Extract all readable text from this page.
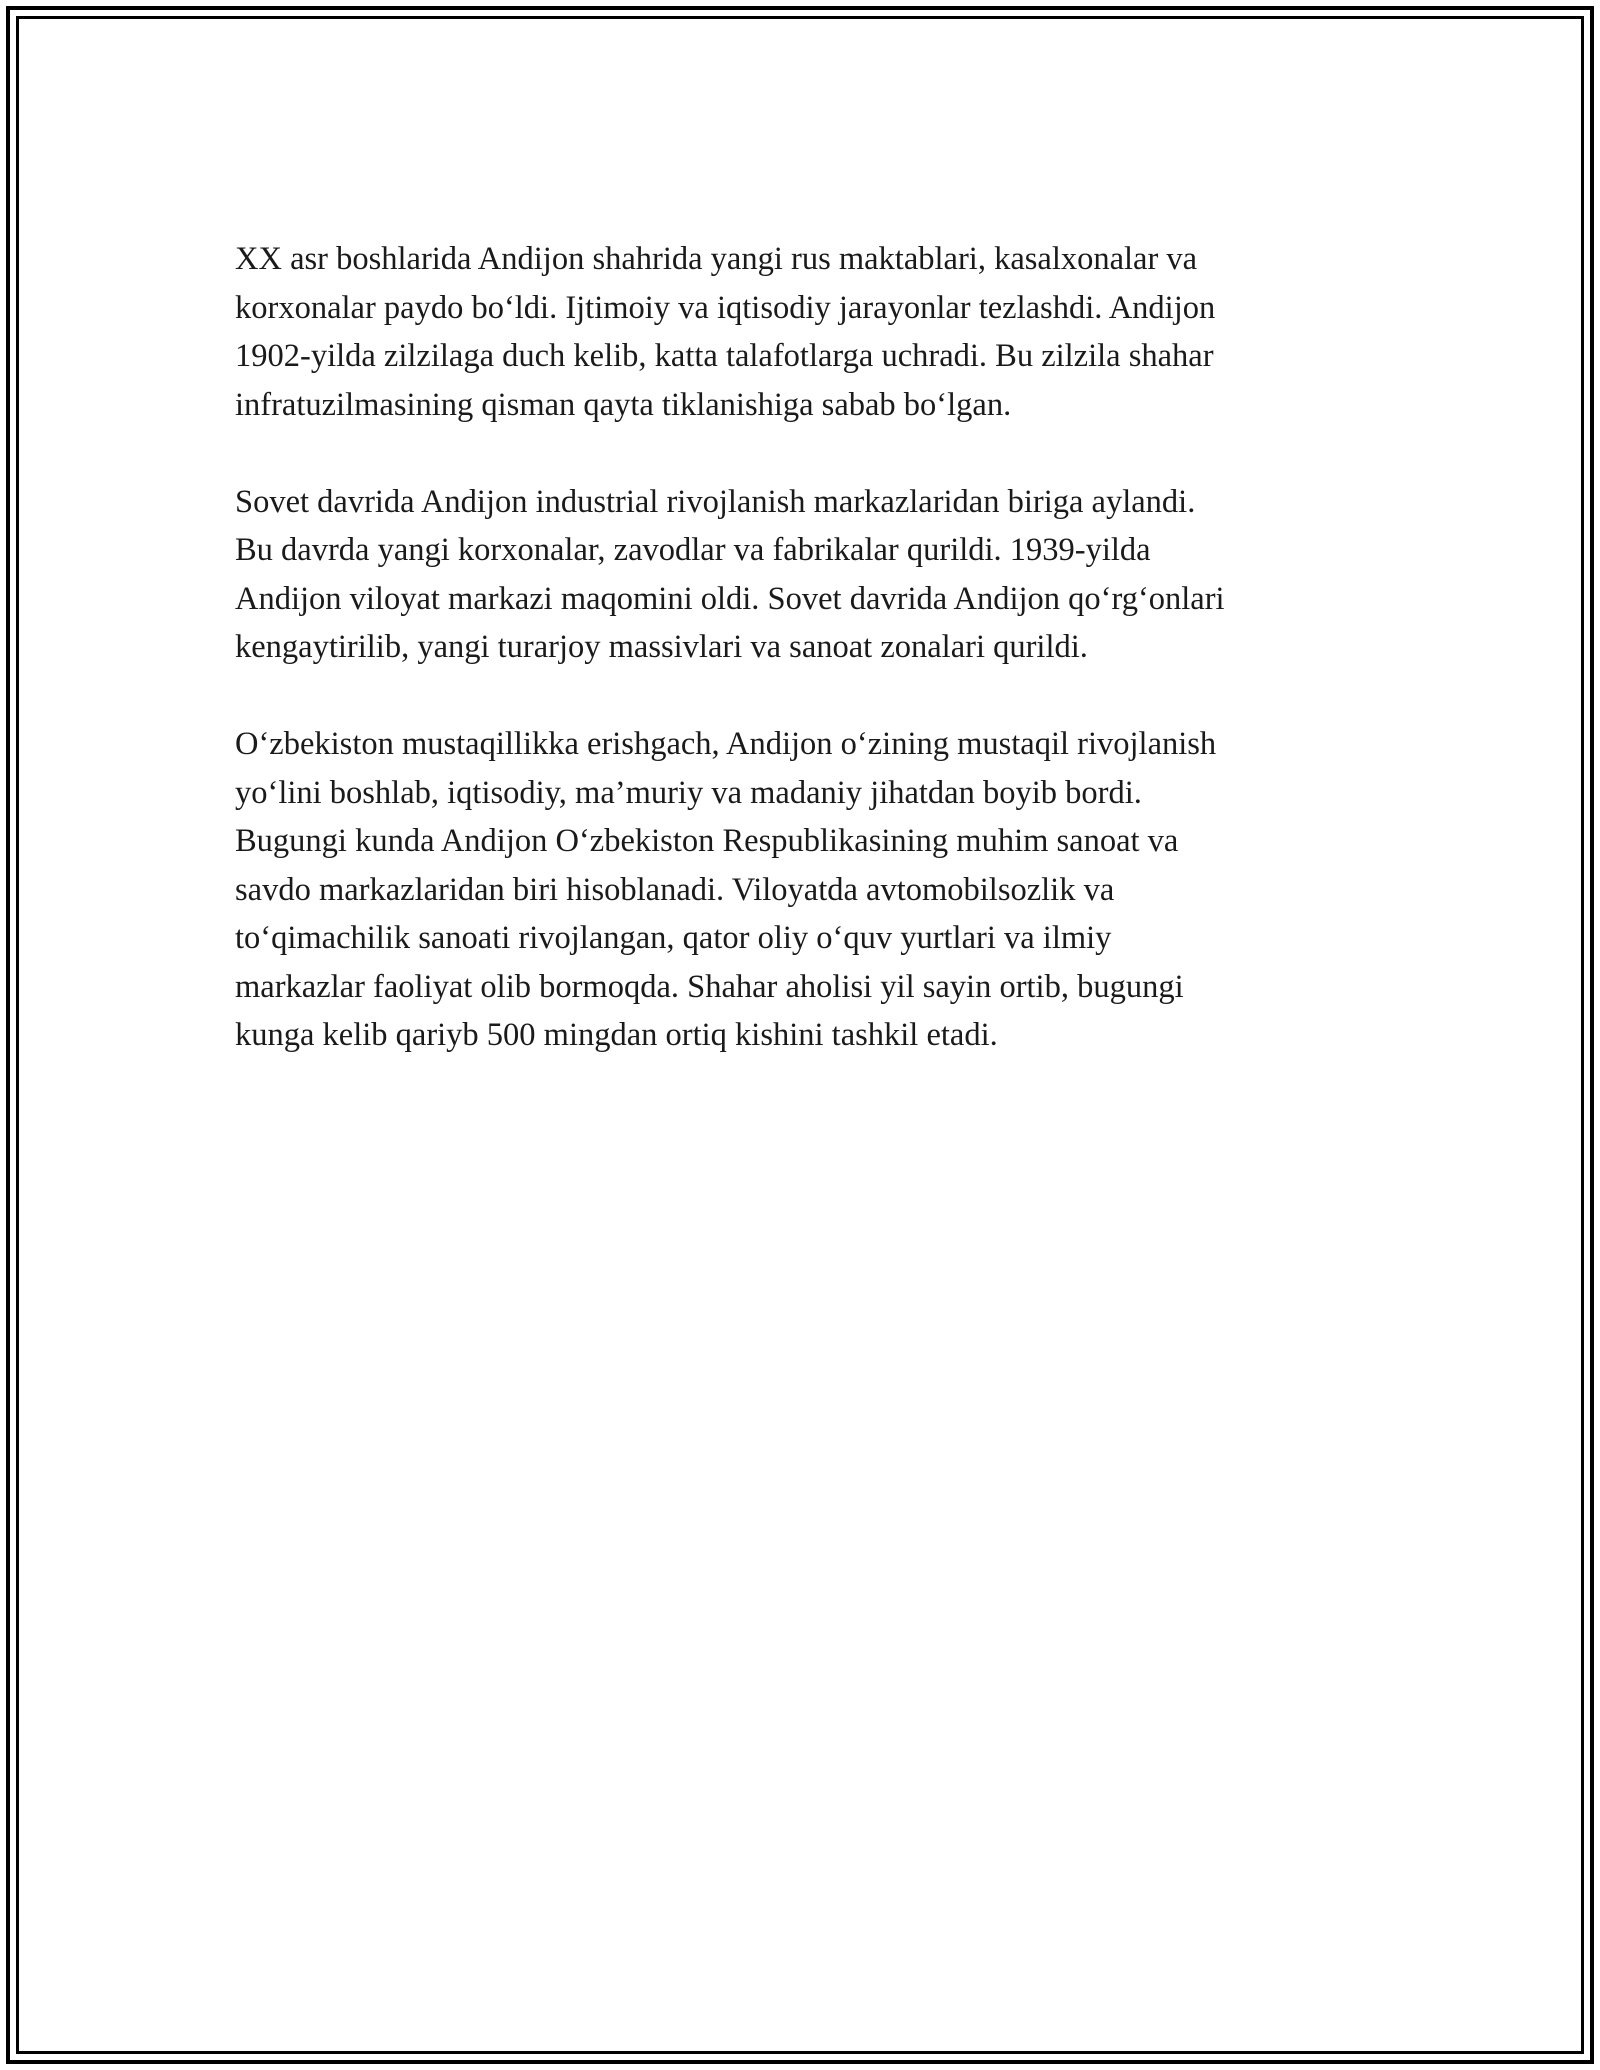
XX asr boshlarida Andijon shahrida yangi rus maktablari, kasalxonalar va
korxonalar paydo bo‘ldi. Ijtimoiy va iqtisodiy jarayonlar tezlashdi. Andijon
1902-yilda zilzilaga duch kelib, katta talafotlarga uchradi. Bu zilzila shahar
infratuzilmasining qisman qayta tiklanishiga sabab bo‘lgan.

Sovet davrida Andijon industrial rivojlanish markazlaridan biriga aylandi.
Bu davrda yangi korxonalar, zavodlar va fabrikalar qurildi. 1939-yilda
Andijon viloyat markazi maqomini oldi. Sovet davrida Andijon qo‘rg‘onlari
kengaytirilib, yangi turarjoy massivlari va sanoat zonalari qurildi.

O‘zbekiston mustaqillikka erishgach, Andijon o‘zining mustaqil rivojlanish
yo‘lini boshlab, iqtisodiy, ma’muriy va madaniy jihatdan boyib bordi.
Bugungi kunda Andijon O‘zbekiston Respublikasining muhim sanoat va
savdo markazlaridan biri hisoblanadi. Viloyatda avtomobilsozlik va
to‘qimachilik sanoati rivojlangan, qator oliy o‘quv yurtlari va ilmiy
markazlar faoliyat olib bormoqda. Shahar aholisi yil sayin ortib, bugungi
kunga kelib qariyb 500 mingdan ortiq kishini tashkil etadi.
